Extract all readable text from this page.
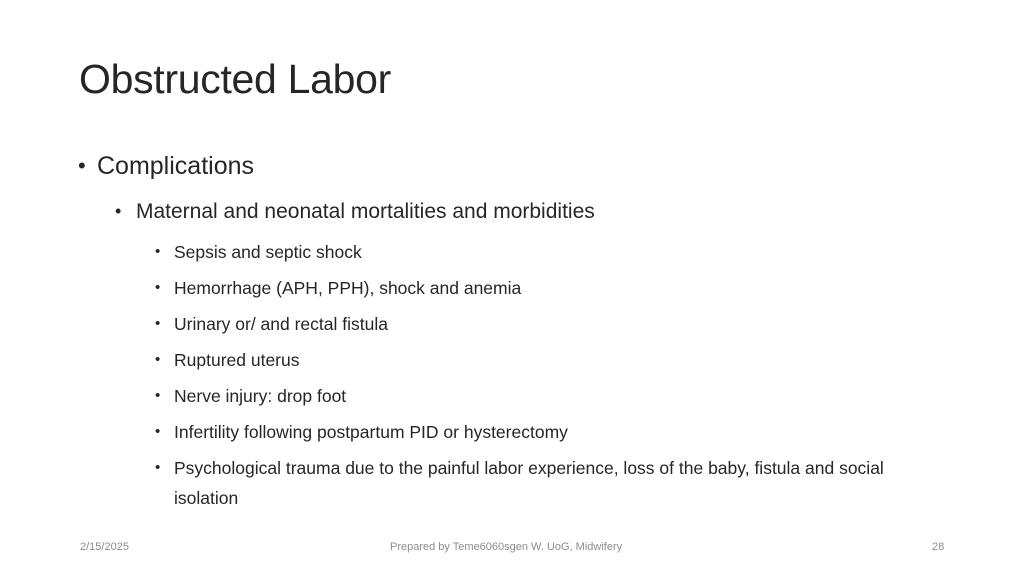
Obstructed Labor
• Complications
• Maternal and neonatal mortalities and morbidities
• Sepsis and septic shock
• Hemorrhage (APH, PPH), shock and anemia
• Urinary or/ and rectal fistula
• Ruptured uterus
• Nerve injury: drop foot
• Infertility following postpartum PID or hysterectomy
• Psychological trauma due to the painful labor experience, loss of the baby, fistula and social isolation
2/15/2025	Prepared by Teme6060sgen W. UoG, Midwifery	28
